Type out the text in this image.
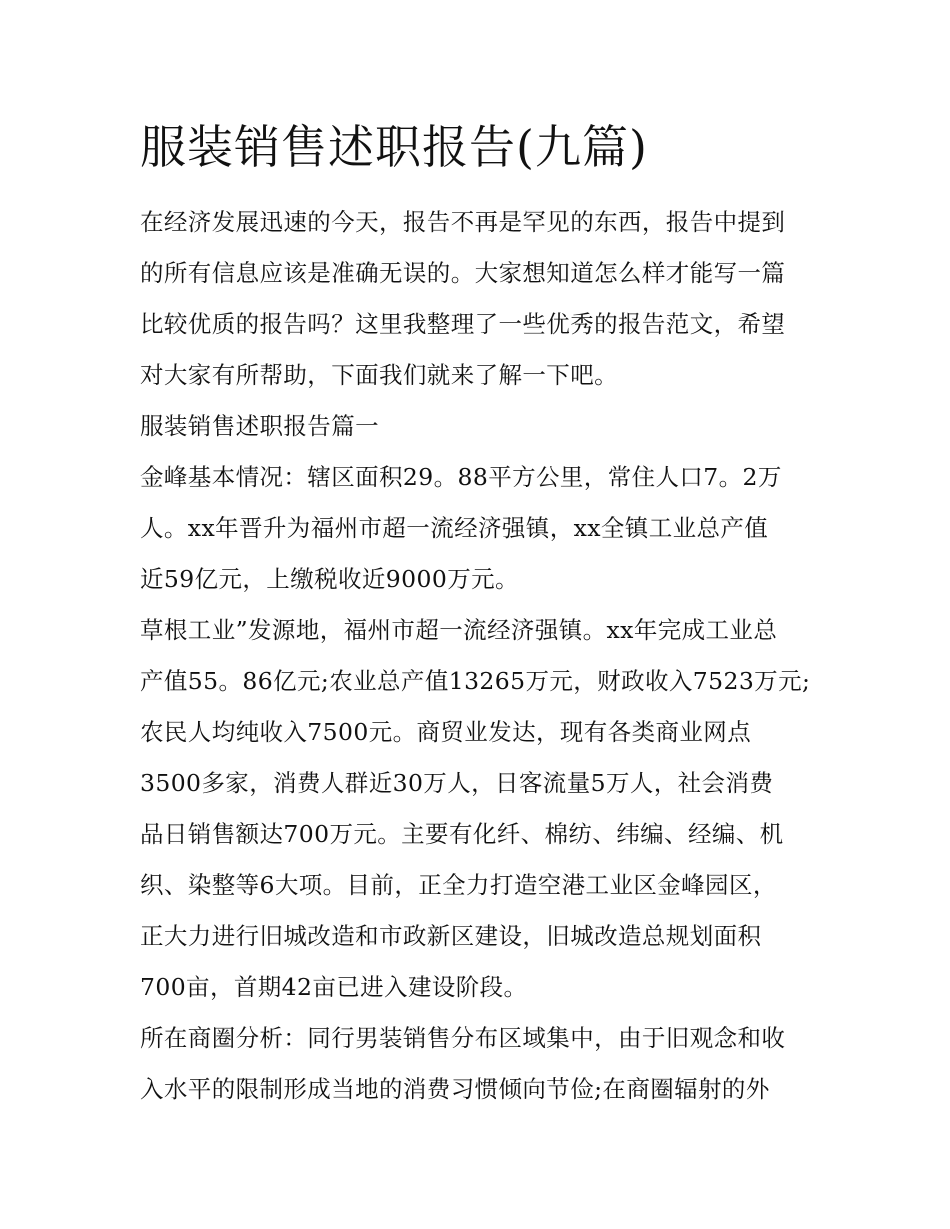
服装销售述职报告(九篇)
在经济发展迅速的今天，报告不再是罕见的东西，报告中提到
的所有信息应该是准确无误的。大家想知道怎么样才能写一篇
比较优质的报告吗？这里我整理了一些优秀的报告范文，希望
对大家有所帮助，下面我们就来了解一下吧。
服装销售述职报告篇一
金峰基本情况：辖区面积29。88平方公里，常住人口7。2万
人。xx年晋升为福州市超一流经济强镇，xx全镇工业总产值
近59亿元，上缴税收近9000万元。
草根工业”发源地，福州市超一流经济强镇。xx年完成工业总
产值55。86亿元;农业总产值13265万元，财政收入7523万元;
农民人均纯收入7500元。商贸业发达，现有各类商业网点
3500多家，消费人群近30万人，日客流量5万人，社会消费
品日销售额达700万元。主要有化纤、棉纺、纬编、经编、机
织、染整等6大项。目前，正全力打造空港工业区金峰园区，
正大力进行旧城改造和市政新区建设，旧城改造总规划面积
700亩，首期42亩已进入建设阶段。
所在商圈分析：同行男装销售分布区域集中，由于旧观念和收
入水平的限制形成当地的消费习惯倾向节俭;在商圈辐射的外
